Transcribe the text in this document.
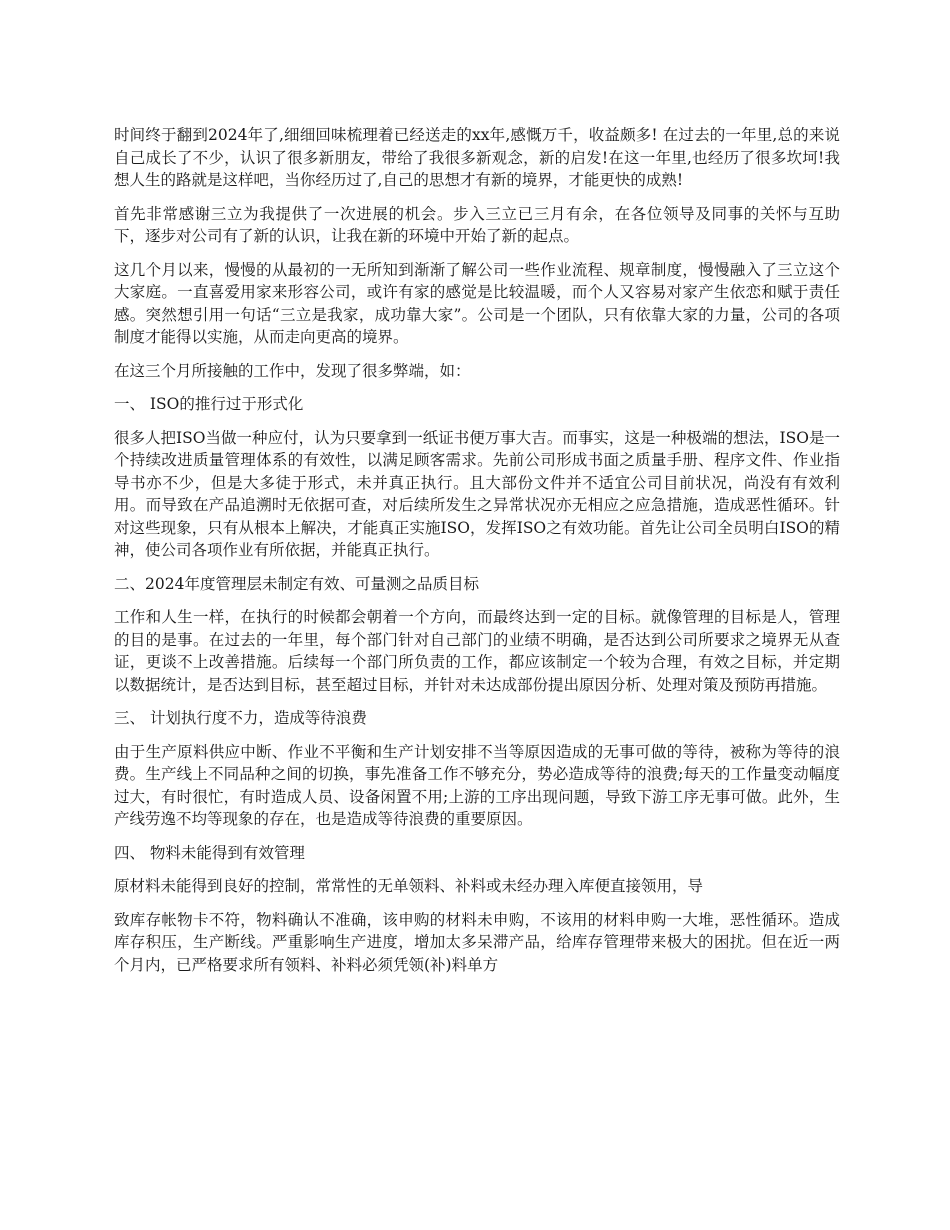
时间终于翻到2024年了,细细回味梳理着已经送走的xx年,感慨万千，收益颇多! 在过去的一年里,总的来说自己成长了不少，认识了很多新朋友，带给了我很多新观念，新的启发!在这一年里,也经历了很多坎坷!我想人生的路就是这样吧，当你经历过了,自己的思想才有新的境界，才能更快的成熟!

首先非常感谢三立为我提供了一次进展的机会。步入三立已三月有余，在各位领导及同事的关怀与互助下，逐步对公司有了新的认识，让我在新的环境中开始了新的起点。

这几个月以来，慢慢的从最初的一无所知到渐渐了解公司一些作业流程、规章制度，慢慢融入了三立这个大家庭。一直喜爱用家来形容公司，或许有家的感觉是比较温暖，而个人又容易对家产生依恋和赋于责任感。突然想引用一句话“三立是我家，成功靠大家”。公司是一个团队，只有依靠大家的力量，公司的各项制度才能得以实施，从而走向更高的境界。

在这三个月所接触的工作中，发现了很多弊端，如：

一、 ISO的推行过于形式化

很多人把ISO当做一种应付，认为只要拿到一纸证书便万事大吉。而事实，这是一种极端的想法，ISO是一个持续改进质量管理体系的有效性，以满足顾客需求。先前公司形成书面之质量手册、程序文件、作业指导书亦不少，但是大多徒于形式，未并真正执行。且大部份文件并不适宜公司目前状况，尚没有有效利用。而导致在产品追溯时无依据可查，对后续所发生之异常状况亦无相应之应急措施，造成恶性循环。针对这些现象，只有从根本上解决，才能真正实施ISO，发挥ISO之有效功能。首先让公司全员明白ISO的精神，使公司各项作业有所依据，并能真正执行。

二、2024年度管理层未制定有效、可量测之品质目标

工作和人生一样，在执行的时候都会朝着一个方向，而最终达到一定的目标。就像管理的目标是人，管理的目的是事。在过去的一年里，每个部门针对自己部门的业绩不明确，是否达到公司所要求之境界无从查证，更谈不上改善措施。后续每一个部门所负责的工作，都应该制定一个较为合理，有效之目标，并定期以数据统计，是否达到目标，甚至超过目标，并针对未达成部份提出原因分析、处理对策及预防再措施。

三、 计划执行度不力，造成等待浪费

由于生产原料供应中断、作业不平衡和生产计划安排不当等原因造成的无事可做的等待，被称为等待的浪费。生产线上不同品种之间的切换，事先准备工作不够充分，势必造成等待的浪费;每天的工作量变动幅度过大，有时很忙，有时造成人员、设备闲置不用;上游的工序出现问题，导致下游工序无事可做。此外，生产线劳逸不均等现象的存在，也是造成等待浪费的重要原因。

四、 物料未能得到有效管理

原材料未能得到良好的控制，常常性的无单领料、补料或未经办理入库便直接领用，导

致库存帐物卡不符，物料确认不准确，该申购的材料未申购，不该用的材料申购一大堆，恶性循环。造成库存积压，生产断线。严重影响生产进度，增加太多呆滞产品，给库存管理带来极大的困扰。但在近一两个月内，已严格要求所有领料、补料必须凭领(补)料单方
